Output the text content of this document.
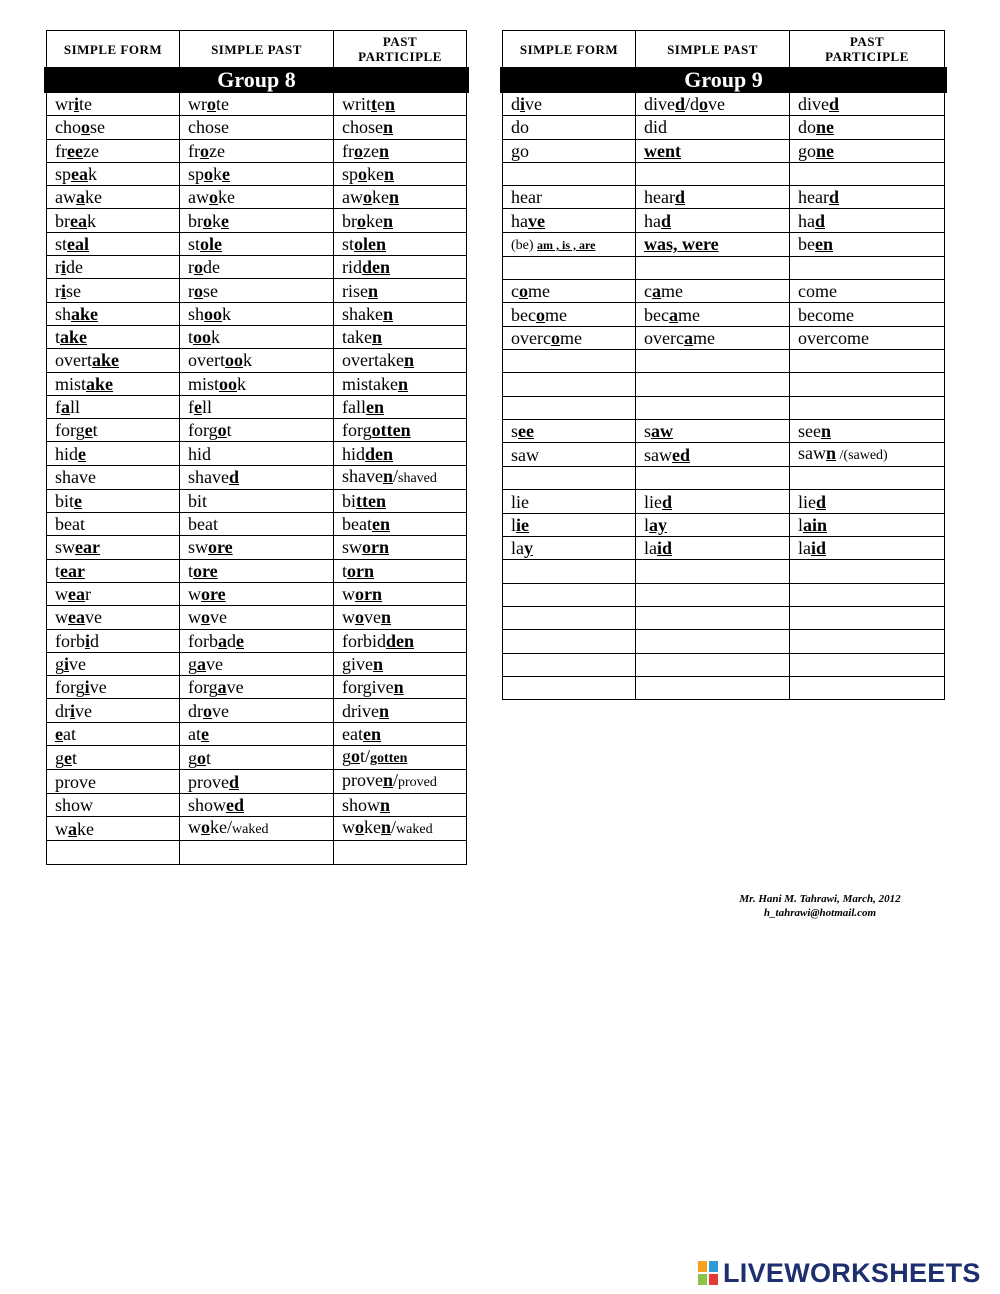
SIMPLE FORM	SIMPLE PAST	PAST PARTICIPLE
Group 8		
write	wrote	written
choose	chose	chosen
freeze	froze	frozen
speak	spoke	spoken
awake	awoke	awoken
break	broke	broken
steal	stole	stolen
ride	rode	ridden
rise	rose	risen
shake	shook	shaken
take	took	taken
overtake	overtook	overtaken
mistake	mistook	mistaken
fall	fell	fallen
forget	forgot	forgotten
hide	hid	hidden
shave	shaved	shaven/shaved
bite	bit	bitten
beat	beat	beaten
swear	swore	sworn
tear	tore	torn
wear	wore	worn
weave	wove	woven
forbid	forbade	forbidden
give	gave	given
forgive	forgave	forgiven
drive	drove	driven
eat	ate	eaten
get	got	got/gotten
prove	proved	proven/proved
show	showed	shown
wake	woke/waked	woken/waked

SIMPLE FORM	SIMPLE PAST	PAST PARTICIPLE
Group 9		
dive	dived/dove	dived
do	did	done
go	went	gone

hear	heard	heard
have	had	had
(be) am , is , are	was, were	been

come	came	come
become	became	become
overcome	overcame	overcome

see	saw	seen
saw	sawed	sawn /(sawed)

lie	lied	lied
lie	lay	lain
lay	laid	laid

Mr. Hani M. Tahrawi, March, 2012
h_tahrawi@hotmail.com
LIVEWORKSHEETS
